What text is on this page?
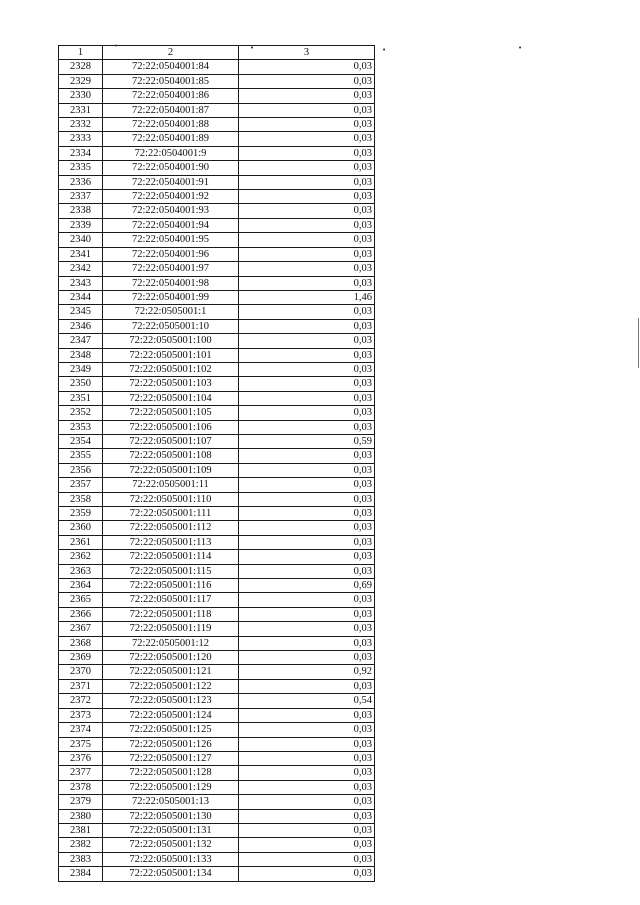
1	2	3
2328	72:22:0504001:84	0,03
2329	72:22:0504001:85	0,03
2330	72:22:0504001:86	0,03
2331	72:22:0504001:87	0,03
2332	72:22:0504001:88	0,03
2333	72:22:0504001:89	0,03
2334	72:22:0504001:9	0,03
2335	72:22:0504001:90	0,03
2336	72:22:0504001:91	0,03
2337	72:22:0504001:92	0,03
2338	72:22:0504001:93	0,03
2339	72:22:0504001:94	0,03
2340	72:22:0504001:95	0,03
2341	72:22:0504001:96	0,03
2342	72:22:0504001:97	0,03
2343	72:22:0504001:98	0,03
2344	72:22:0504001:99	1,46
2345	72:22:0505001:1	0,03
2346	72:22:0505001:10	0,03
2347	72:22:0505001:100	0,03
2348	72:22:0505001:101	0,03
2349	72:22:0505001:102	0,03
2350	72:22:0505001:103	0,03
2351	72:22:0505001:104	0,03
2352	72:22:0505001:105	0,03
2353	72:22:0505001:106	0,03
2354	72:22:0505001:107	0,59
2355	72:22:0505001:108	0,03
2356	72:22:0505001:109	0,03
2357	72:22:0505001:11	0,03
2358	72:22:0505001:110	0,03
2359	72:22:0505001:111	0,03
2360	72:22:0505001:112	0,03
2361	72:22:0505001:113	0,03
2362	72:22:0505001:114	0,03
2363	72:22:0505001:115	0,03
2364	72:22:0505001:116	0,69
2365	72:22:0505001:117	0,03
2366	72:22:0505001:118	0,03
2367	72:22:0505001:119	0,03
2368	72:22:0505001:12	0,03
2369	72:22:0505001:120	0,03
2370	72:22:0505001:121	0,92
2371	72:22:0505001:122	0,03
2372	72:22:0505001:123	0,54
2373	72:22:0505001:124	0,03
2374	72:22:0505001:125	0,03
2375	72:22:0505001:126	0,03
2376	72:22:0505001:127	0,03
2377	72:22:0505001:128	0,03
2378	72:22:0505001:129	0,03
2379	72:22:0505001:13	0,03
2380	72:22:0505001:130	0,03
2381	72:22:0505001:131	0,03
2382	72:22:0505001:132	0,03
2383	72:22:0505001:133	0,03
2384	72:22:0505001:134	0,03
•	•
•	•
